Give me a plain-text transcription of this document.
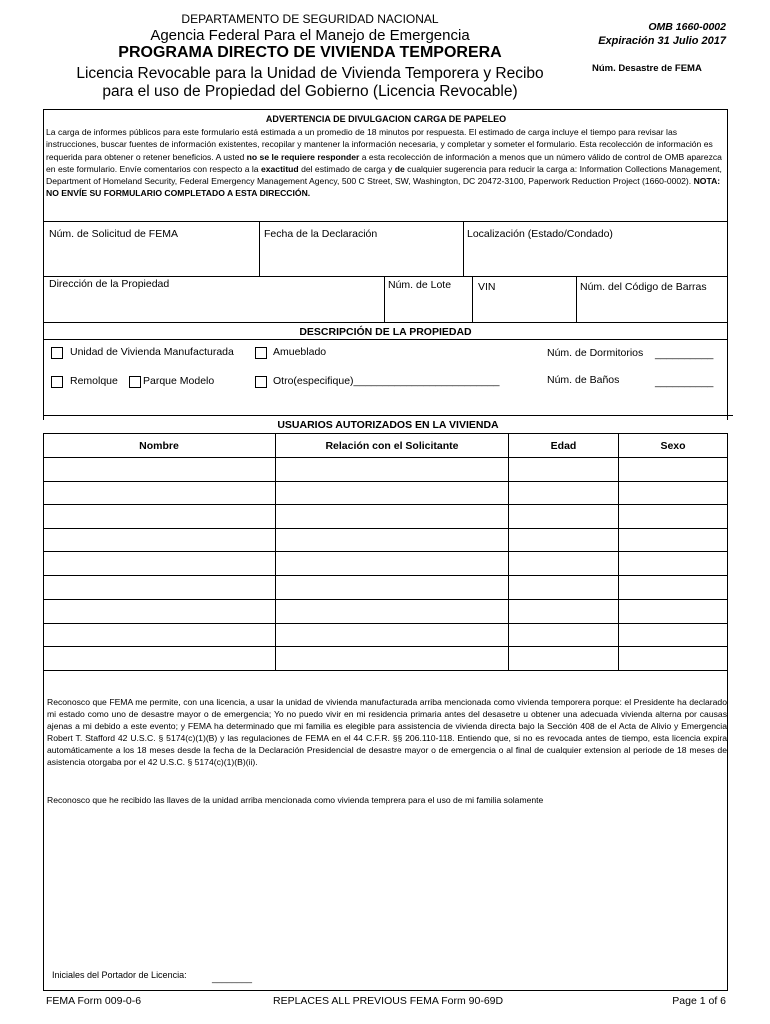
DEPARTAMENTO DE SEGURIDAD NACIONAL
Agencia Federal Para el Manejo de Emergencia
PROGRAMA DIRECTO DE VIVIENDA TEMPORERA
Licencia Revocable para la Unidad de Vivienda Temporera y Recibo
para el uso de Propiedad del Gobierno (Licencia Revocable)
OMB 1660-0002
Expiración 31 Julio 2017
Núm. Desastre de FEMA
ADVERTENCIA DE DIVULGACION CARGA DE PAPELEO
La carga de informes públicos para este formulario está estimada a un promedio de 18 minutos por respuesta. El estimado de carga incluye el tiempo para revisar las instrucciones, buscar fuentes de información existentes, recopilar y mantener la información necesaria, y completar y someter el formulario. Esta recolección de información es requerida para obtener o retener beneficios. A usted no se le requiere responder a esta recolección de información a menos que un número válido de control de OMB aparezca en este formulario. Envíe comentarios con respecto a la exactitud del estimado de carga y de cualquier sugerencia para reducir la carga a: Information Collections Management, Department of Homeland Security, Federal Emergency Management Agency, 500 C Street, SW, Washington, DC 20472-3100, Paperwork Reduction Project (1660-0002). NOTA: NO ENVÍE SU FORMULARIO COMPLETADO A ESTA DIRECCIÓN.
Núm. de Solicitud de FEMA	Fecha de la Declaración	Localización (Estado/Condado)
Dirección de la Propiedad	Núm. de Lote	VIN	Núm. del Código de Barras
DESCRIPCIÓN DE LA PROPIEDAD
Unidad de Vivienda Manufacturada	Amueblado	Núm. de Dormitorios __________
Remolque Parque Modelo	Otro(especifique)_________________________	Núm. de Baños	__________
USUARIOS AUTORIZADOS EN LA VIVIENDA
Nombre	Relación con el Solicitante	Edad	Sexo
Reconosco que FEMA me permite, con una licencia, a usar la unidad de vivienda manufacturada arriba mencionada como vivienda temporera porque: el Presidente ha declarado mi estado como uno de desastre mayor o de emergencia; Yo no puedo vivir en mi residencia primaria antes del desasetre u obtener una adecuada vivienda alterna por causas ajenas a mi debido a este evento; y FEMA ha determinado que mi familia es elegible para assistencia de vivienda directa bajo la Sección 408 de el Acta de Alivio y Emergencia Robert T. Stafford 42 U.S.C. § 5174(c)(1)(B) y las regulaciones de FEMA en el 44 C.F.R. §§ 206.110-118. Entiendo que, si no es revocada antes de tiempo, esta licencia expira automáticamente a los 18 meses desde la fecha de la Declaración Presidencial de desastre mayor o de emergencia o al final de cualquier extension al periode de 18 meses de asistencia otorgaba por el 42 U.S.C. § 5174(c)(1)(B)(ii).
Reconosco que he recibido las llaves de la unidad arriba mencionada como vivienda temprera para el uso de mi familia solamente
Iniciales del Portador de Licencia:	________
FEMA Form 009-0-6	REPLACES ALL PREVIOUS FEMA Form 90-69D	Page 1 of 6
